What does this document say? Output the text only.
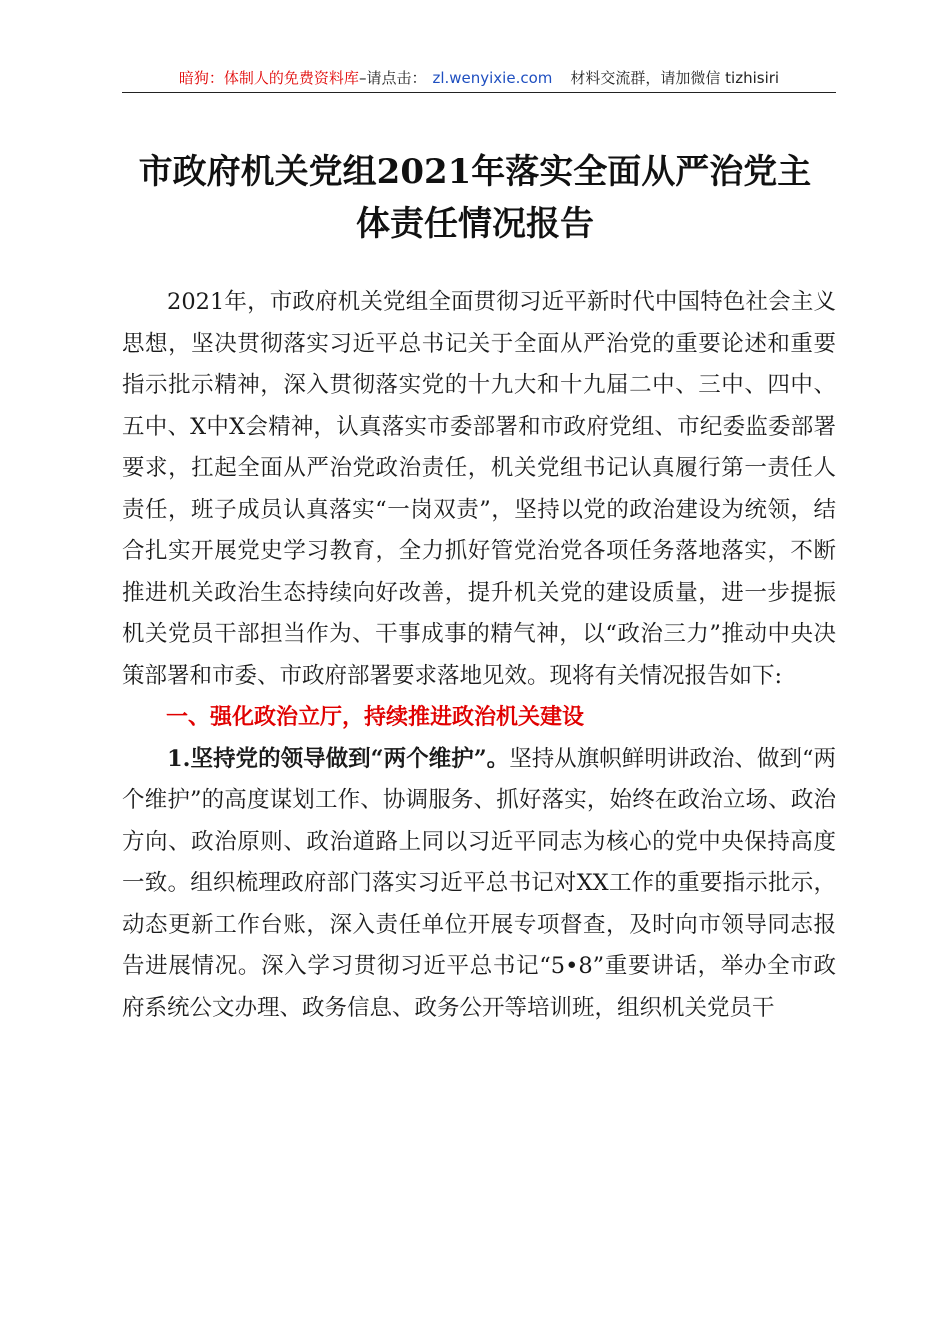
暗狗：体制人的免费资料库–请点击： zl.wenyixie.com 材料交流群，请加微信 tizhisiri
市政府机关党组2021年落实全面从严治党主
体责任情况报告

2021年，市政府机关党组全面贯彻习近平新时代中国特色社会主义思想，坚决贯彻落实习近平总书记关于全面从严治党的重要论述和重要指示批示精神，深入贯彻落实党的十九大和十九届二中、三中、四中、五中、X中X会精神，认真落实市委部署和市政府党组、市纪委监委部署要求，扛起全面从严治党政治责任，机关党组书记认真履行第一责任人责任，班子成员认真落实“一岗双责”，坚持以党的政治建设为统领，结合扎实开展党史学习教育，全力抓好管党治党各项任务落地落实，不断推进机关政治生态持续向好改善，提升机关党的建设质量，进一步提振机关党员干部担当作为、干事成事的精气神，以“政治三力”推动中央决策部署和市委、市政府部署要求落地见效。现将有关情况报告如下:

一、强化政治立厅，持续推进政治机关建设

1.坚持党的领导做到“两个维护”。坚持从旗帜鲜明讲政治、做到“两个维护”的高度谋划工作、协调服务、抓好落实，始终在政治立场、政治方向、政治原则、政治道路上同以习近平同志为核心的党中央保持高度一致。组织梳理政府部门落实习近平总书记对XX工作的重要指示批示，动态更新工作台账，深入责任单位开展专项督查，及时向市领导同志报告进展情况。深入学习贯彻习近平总书记“5•8”重要讲话，举办全市政府系统公文办理、政务信息、政务公开等培训班，组织机关党员干
